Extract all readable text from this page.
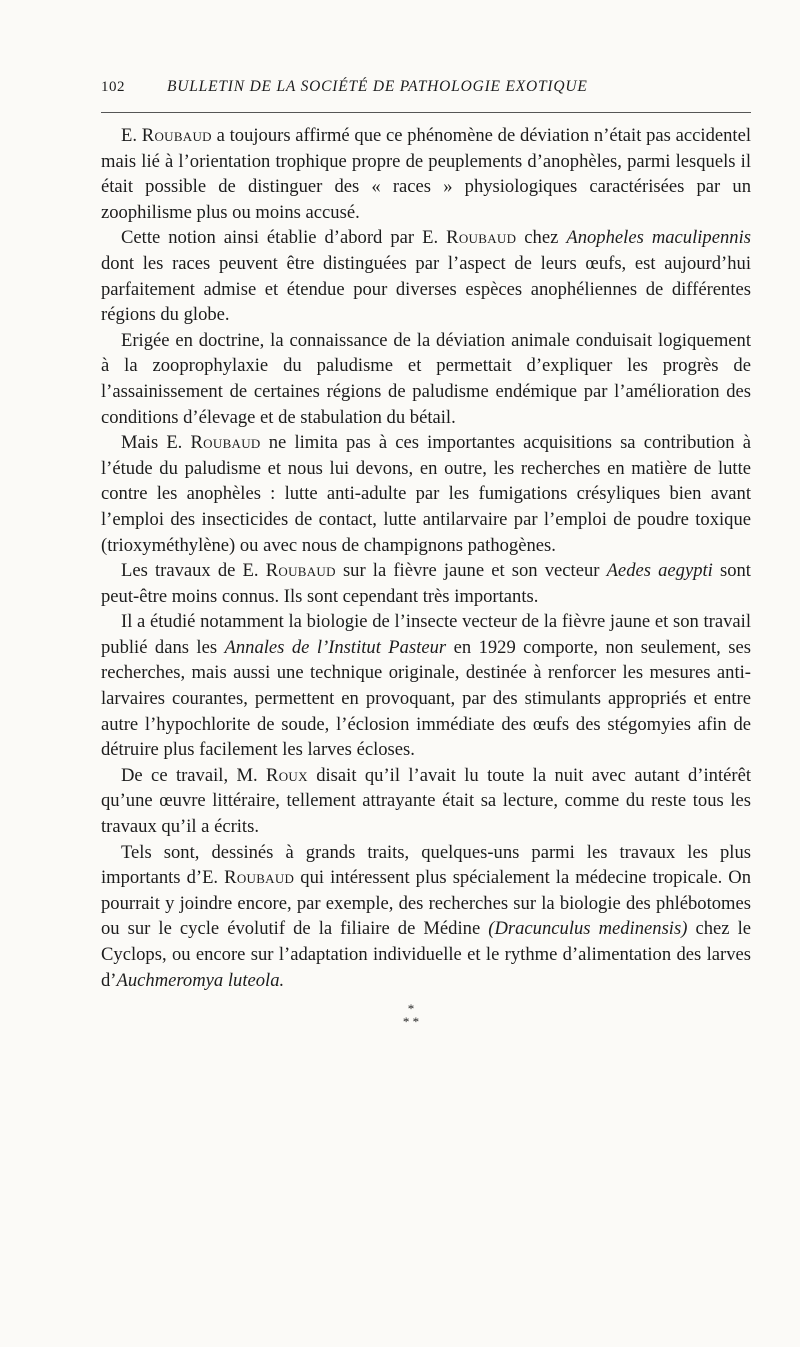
102	BULLETIN DE LA SOCIÉTÉ DE PATHOLOGIE EXOTIQUE

E. Roubaud a toujours affirmé que ce phénomène de déviation n’était pas accidentel mais lié à l’orientation trophique propre de peuplements d’anophèles, parmi lesquels il était possible de distinguer des « races » physiologiques caractérisées par un zoophilisme plus ou moins accusé.

Cette notion ainsi établie d’abord par E. Roubaud chez Anopheles maculipennis dont les races peuvent être distinguées par l’aspect de leurs œufs, est aujourd’hui parfaitement admise et étendue pour diverses espèces anophéliennes de différentes régions du globe.

Erigée en doctrine, la connaissance de la déviation animale conduisait logiquement à la zooprophylaxie du paludisme et permettait d’expliquer les progrès de l’assainissement de certaines régions de paludisme endémique par l’amélioration des conditions d’élevage et de stabulation du bétail.

Mais E. Roubaud ne limita pas à ces importantes acquisitions sa contribution à l’étude du paludisme et nous lui devons, en outre, les recherches en matière de lutte contre les anophèles : lutte anti-adulte par les fumigations crésyliques bien avant l’emploi des insecticides de contact, lutte antilarvaire par l’emploi de poudre toxique (trioxyméthylène) ou avec nous de champignons pathogènes.

Les travaux de E. Roubaud sur la fièvre jaune et son vecteur Aedes aegypti sont peut-être moins connus. Ils sont cependant très importants.

Il a étudié notamment la biologie de l’insecte vecteur de la fièvre jaune et son travail publié dans les Annales de l’Institut Pasteur en 1929 comporte, non seulement, ses recherches, mais aussi une technique originale, destinée à renforcer les mesures anti-larvaires courantes, permettent en provoquant, par des stimulants appropriés et entre autre l’hypochlorite de soude, l’éclosion immédiate des œufs des stégomyies afin de détruire plus facilement les larves écloses.

De ce travail, M. Roux disait qu’il l’avait lu toute la nuit avec autant d’intérêt qu’une œuvre littéraire, tellement attrayante était sa lecture, comme du reste tous les travaux qu’il a écrits.

Tels sont, dessinés à grands traits, quelques-uns parmi les travaux les plus importants d’E. Roubaud qui intéressent plus spécialement la médecine tropicale. On pourrait y joindre encore, par exemple, des recherches sur la biologie des phlébotomes ou sur le cycle évolutif de la filiaire de Médine (Dracunculus medinensis) chez le Cyclops, ou encore sur l’adaptation individuelle et le rythme d’alimentation des larves d’Auchmeromya luteola.

*
* *
